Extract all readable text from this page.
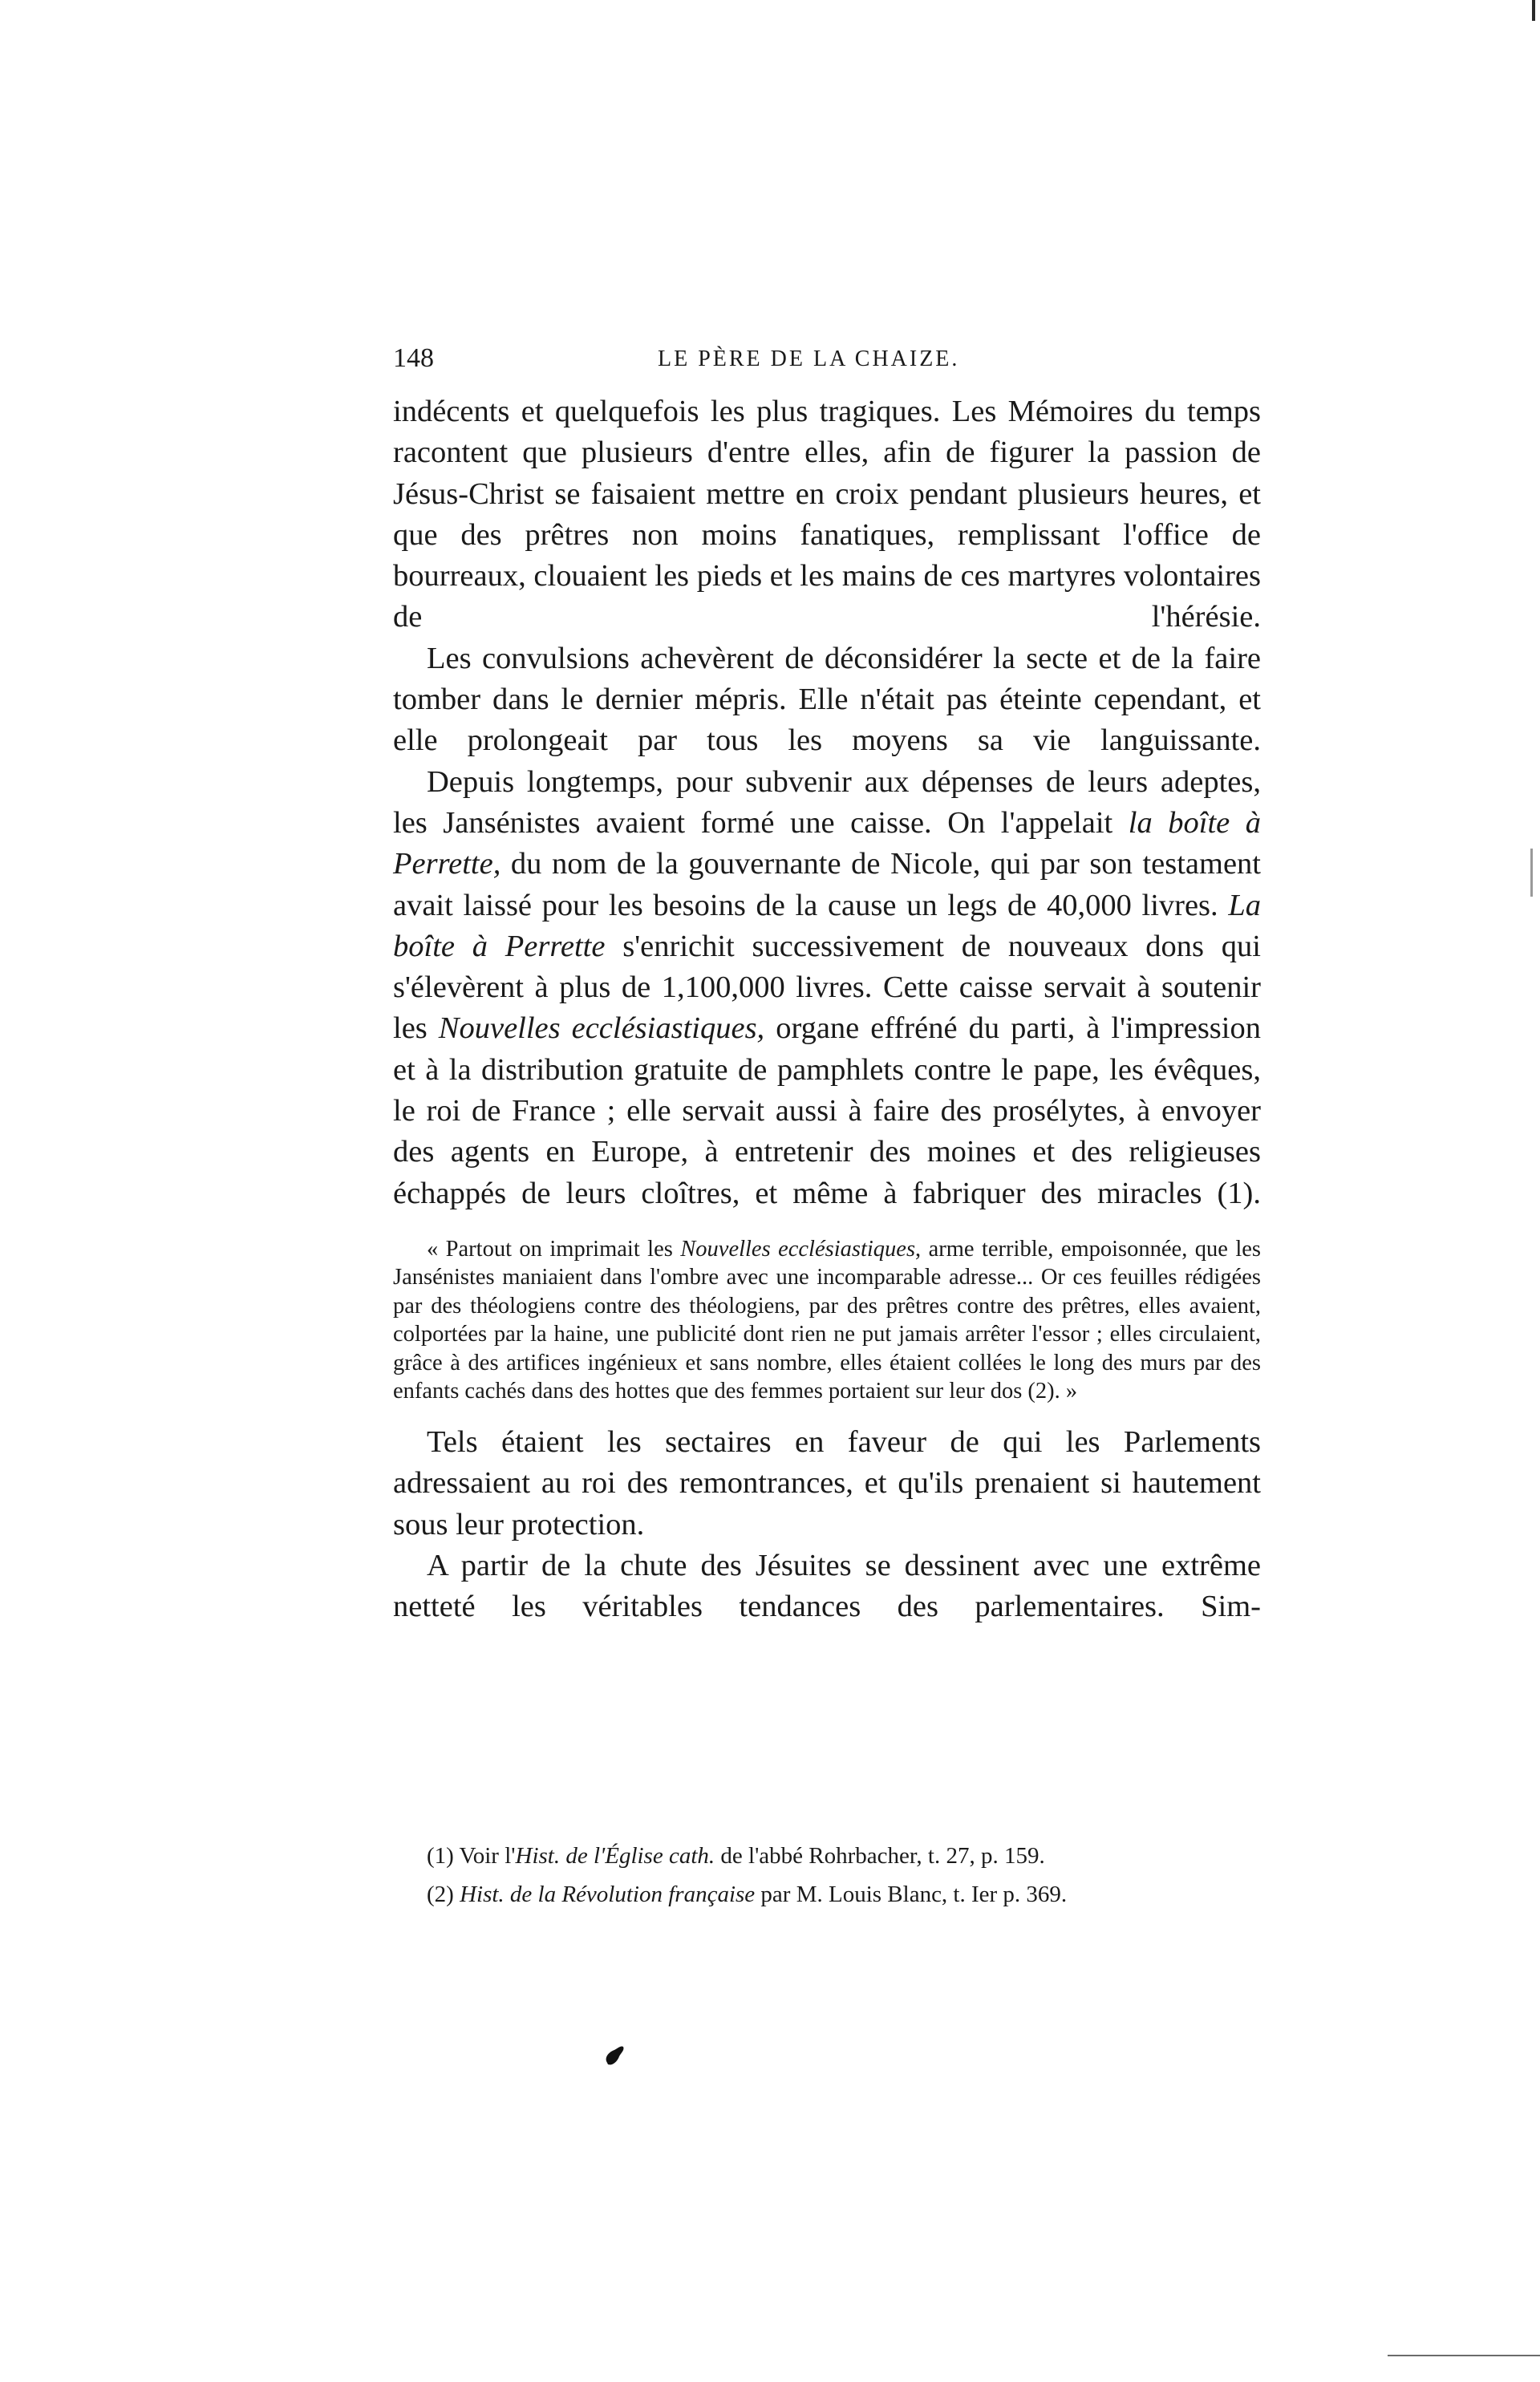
148	LE PÈRE DE LA CHAIZE.

indécents et quelquefois les plus tragiques. Les Mémoires du temps racontent que plusieurs d'entre elles, afin de figurer la passion de Jésus-Christ se faisaient mettre en croix pendant plusieurs heures, et que des prêtres non moins fanatiques, remplissant l'office de bourreaux, clouaient les pieds et les mains de ces martyres volontaires de l'hérésie.

Les convulsions achevèrent de déconsidérer la secte et de la faire tomber dans le dernier mépris. Elle n'était pas éteinte cependant, et elle prolongeait par tous les moyens sa vie languissante.

Depuis longtemps, pour subvenir aux dépenses de leurs adeptes, les Jansénistes avaient formé une caisse. On l'appelait la boîte à Perrette, du nom de la gouvernante de Nicole, qui par son testament avait laissé pour les besoins de la cause un legs de 40,000 livres. La boîte à Perrette s'enrichit successivement de nouveaux dons qui s'élevèrent à plus de 1,100,000 livres. Cette caisse servait à soutenir les Nouvelles ecclésiastiques, organe effréné du parti, à l'impression et à la distribution gratuite de pamphlets contre le pape, les évêques, le roi de France ; elle servait aussi à faire des prosélytes, à envoyer des agents en Europe, à entretenir des moines et des religieuses échappés de leurs cloîtres, et même à fabriquer des miracles (1).

« Partout on imprimait les Nouvelles ecclésiastiques, arme terrible, empoisonnée, que les Jansénistes maniaient dans l'ombre avec une incomparable adresse... Or ces feuilles rédigées par des théologiens contre des théologiens, par des prêtres contre des prêtres, elles avaient, colportées par la haine, une publicité dont rien ne put jamais arrêter l'essor ; elles circulaient, grâce à des artifices ingénieux et sans nombre, elles étaient collées le long des murs par des enfants cachés dans des hottes que des femmes portaient sur leur dos (2). »

Tels étaient les sectaires en faveur de qui les Parlements adressaient au roi des remontrances, et qu'ils prenaient si hautement sous leur protection.

A partir de la chute des Jésuites se dessinent avec une extrême netteté les véritables tendances des parlementaires. Sim-

(1) Voir l'Hist. de l'Église cath. de l'abbé Rohrbacher, t. 27, p. 159.

(2) Hist. de la Révolution française par M. Louis Blanc, t. Ier p. 369.
